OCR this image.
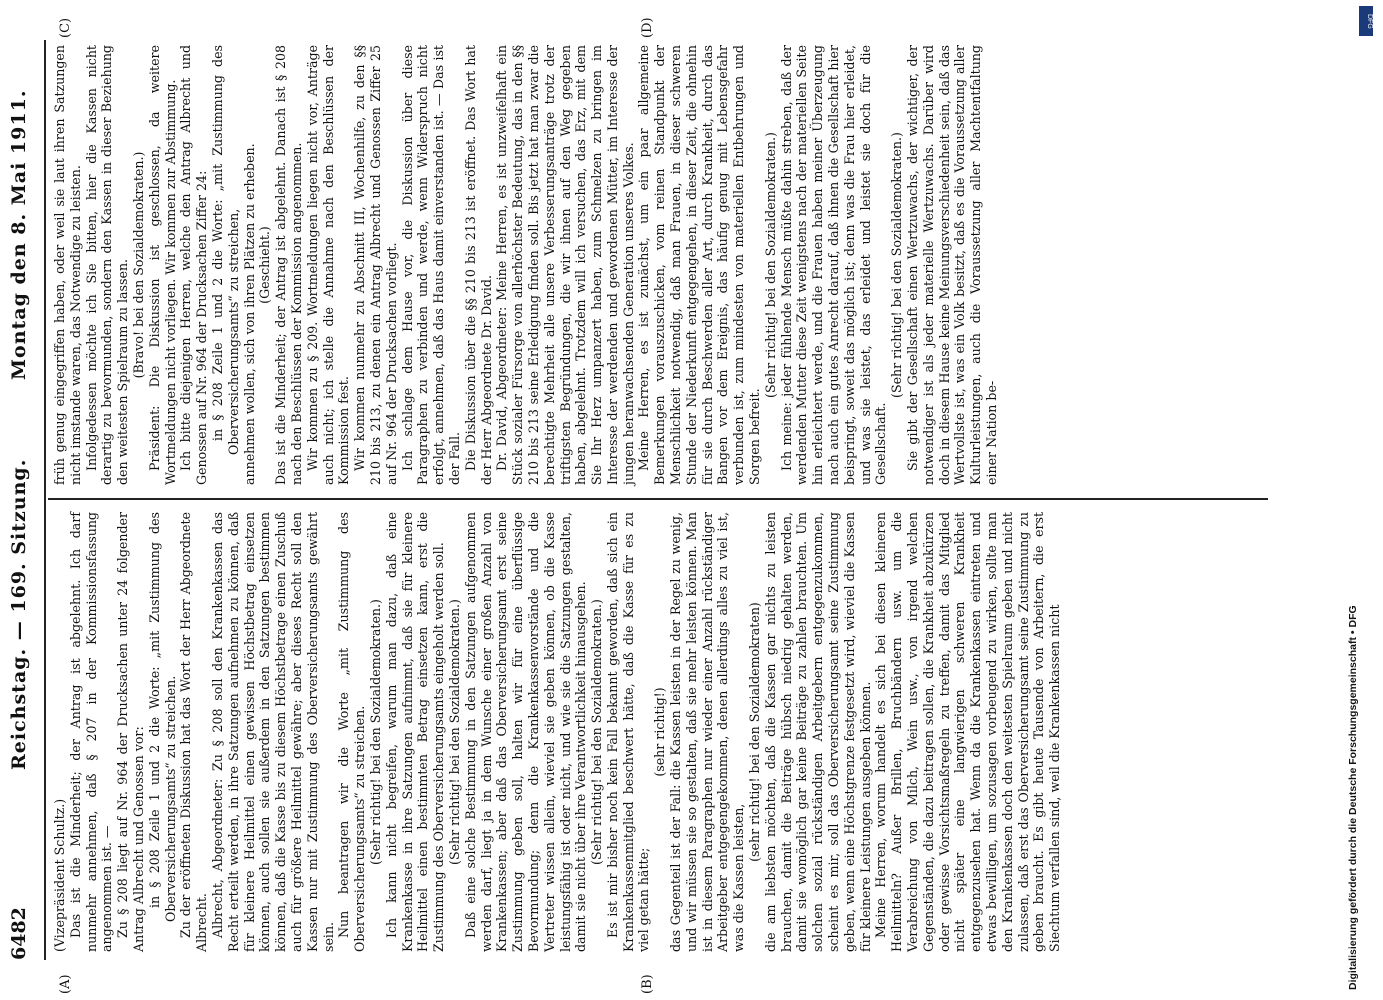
6482
Reichstag. — 169. Sitzung.
Montag den 8. Mai 1911.
(A)	(B)
(C)	(D)

(Vizepräsident Schultz.) Das ist die Minderheit; der Antrag ist abgelehnt. Ich darf nunmehr annehmen, daß § 207 in der Kommissionsfassung angenommen ist. — Zu § 208 liegt auf Nr. 964 der Drucksachen unter 24 folgender Antrag Albrecht und Genossen vor: in § 208 Zeile 1 und 2 die Worte: „mit Zustimmung des Oberversicherungsamts“ zu streichen. Zu der eröffneten Diskussion hat das Wort der Herr Abgeordnete Albrecht. Albrecht, Abgeordneter: Zu § 208 soll den Krankenkassen das Recht erteilt werden, in ihre Satzungen aufnehmen zu können, daß für kleinere Heilmittel einen gewissen Höchstbetrag einsetzen können, auch sollen sie außerdem in den Satzungen bestimmen können, daß die Kasse bis zu diesem Höchstbetrage einen Zuschuß auch für größere Heilmittel gewähre; aber dieses Recht soll den Kassen nur mit Zustimmung des Oberversicherungsamts gewährt sein. Nun beantragen wir die Worte „mit Zustimmung des Oberversicherungsamts“ zu streichen. (Sehr richtig! bei den Sozialdemokraten.) Ich kann nicht begreifen, warum man dazu, daß eine Krankenkasse in ihre Satzungen aufnimmt, daß sie für kleinere Heilmittel einen bestimmten Betrag einsetzen kann, erst die Zustimmung des Oberversicherungsamts eingeholt werden soll. (Sehr richtig! bei den Sozialdemokraten.) Daß eine solche Bestimmung in den Satzungen aufgenommen werden darf, liegt ja in dem Wunsche einer großen Anzahl von Krankenkassen; aber daß das Oberversicherungsamt erst seine Zustimmung geben soll, halten wir für eine überflüssige Bevormundung; denn die Krankenkassenvorstände und die Vertreter wissen allein, wieviel sie geben können, ob die Kasse leistungsfähig ist oder nicht, und wie sie die Satzungen gestalten, damit sie nicht über ihre Verantwortlichkeit hinausgehen. (Sehr richtig! bei den Sozialdemokraten.) Es ist mir bisher noch kein Fall bekannt geworden, daß sich ein Krankenkassenmitglied beschwert hätte, daß die Kasse für es zu viel getan hätte;

(sehr richtig!) das Gegenteil ist der Fall: die Kassen leisten in der Regel zu wenig, und wir müssen sie so gestalten, daß sie mehr leisten können. Man ist in diesem Paragraphen nur wieder einer Anzahl rückständiger Arbeitgeber entgegengekommen, denen allerdings alles zu viel ist, was die Kassen leisten,

(sehr richtig! bei den Sozialdemokraten) die am liebsten möchten, daß die Kassen gar nichts zu leisten brauchen, damit die Beiträge hübsch niedrig gehalten werden, damit sie womöglich gar keine Beiträge zu zahlen brauchten. Um solchen sozial rückständigen Arbeitgebern entgegenzukommen, scheint es mir, soll das Oberversicherungsamt seine Zustimmung geben, wenn eine Höchstgrenze festgesetzt wird, wieviel die Kassen für kleinere Leistungen ausgeben können. Meine Herren, worum handelt es sich bei diesen kleineren Heilmitteln? Außer Brillen, Bruchbändern usw. um die Verabreichung von Milch, Wein usw., von irgend welchen Gegenständen, die dazu beitragen sollen, die Krankheit abzukürzen oder gewisse Vorsichtsmaßregeln zu treffen, damit das Mitglied nicht später eine langwierigen schweren Krankheit entgegenzusehen hat. Wenn da die Krankenkassen eintreten und etwas bewilligen, um sozusagen vorbeugend zu wirken, sollte man den Krankenkassen doch den weitesten Spielraum geben und nicht zulassen, daß erst das Oberversicherungsamt seine Zustimmung zu geben braucht. Es gibt heute Tausende von Arbeitern, die erst Siechtum verfallen sind, weil die Krankenkassen nicht

früh genug eingegriffen haben, oder weil sie laut ihren Satzungen nicht imstande waren, das Notwendige zu leisten. Infolgedessen möchte ich Sie bitten, hier die Kassen nicht derartig zu bevormunden, sondern den Kassen in dieser Beziehung den weitesten Spielraum zu lassen. (Bravo! bei den Sozialdemokraten.) Präsident: Die Diskussion ist geschlossen, da weitere Wortmeldungen nicht vorliegen. Wir kommen zur Abstimmung. Ich bitte diejenigen Herren, welche den Antrag Albrecht und Genossen auf Nr. 964 der Drucksachen Ziffer 24: in § 208 Zeile 1 und 2 die Worte: „mit Zustimmung des Oberversicherungsamts“ zu streichen, annehmen wollen, sich von ihren Plätzen zu erheben. (Geschieht.) Das ist die Minderheit; der Antrag ist abgelehnt. Danach ist § 208 nach den Beschlüssen der Kommission angenommen. Wir kommen zu § 209. Wortmeldungen liegen nicht vor, Anträge auch nicht; ich stelle die Annahme nach den Beschlüssen der Kommission fest. Wir kommen nunmehr zu Abschnitt III, Wochenhilfe, zu den §§ 210 bis 213, zu denen ein Antrag Albrecht und Genossen Ziffer 25 auf Nr. 964 der Drucksachen vorliegt. Ich schlage dem Hause vor, die Diskussion über diese Paragraphen zu verbinden und werde, wenn Widerspruch nicht erfolgt, annehmen, daß das Haus damit einverstanden ist. — Das ist der Fall. Die Diskussion über die §§ 210 bis 213 ist eröffnet. Das Wort hat der Herr Abgeordnete Dr. David. Dr. David, Abgeordneter: Meine Herren, es ist unzweifelhaft ein Stück sozialer Fürsorge von allerhöchster Bedeutung, das in den §§ 210 bis 213 seine Erledigung finden soll. Bis jetzt hat man zwar die berechtigte Mehrheit alle unsere Verbesserungsanträge trotz der triftigsten Begründungen, die wir ihnen auf den Weg gegeben haben, abgelehnt. Trotzdem will ich versuchen, das Erz, mit dem Sie Ihr Herz umpanzert haben, zum Schmelzen zu bringen im Interesse der werdenden und gewordenen Mütter, im Interesse der jungen heranwachsenden Generation unseres Volkes. Meine Herren, es ist zunächst, um ein paar allgemeine Bemerkungen vorauszuschicken, vom reinen Standpunkt der Menschlichkeit notwendig, daß man Frauen, in dieser schweren Stunde der Niederkunft entgegengehen, in dieser Zeit, die ohnehin für sie durch Beschwerden aller Art, durch Krankheit, durch das Bangen vor dem Ereignis, das häufig genug mit Lebensgefahr verbunden ist, zum mindesten von materiellen Entbehrungen und Sorgen befreit.

(Sehr richtig! bei den Sozialdemokraten.) Ich meine: jeder fühlende Mensch müßte dahin streben, daß der werdenden Mutter diese Zeit wenigstens nach der materiellen Seite hin erleichtert werde, und die Frauen haben meiner Überzeugung nach auch ein gutes Anrecht darauf, daß ihnen die Gesellschaft hier beispringt, soweit das möglich ist; denn was die Frau hier erleidet, und was sie leistet, das erleidet und leistet sie doch für die Gesellschaft.

(Sehr richtig! bei den Sozialdemokraten.) Sie gibt der Gesellschaft einen Wertzuwachs, der wichtiger, der notwendiger ist als jeder materielle Wertzuwachs. Darüber wird doch in diesem Hause keine Meinungsverschiedenheit sein, daß das Wertvollste ist, was ein Volk besitzt, daß es die Voraussetzung aller Kulturleistungen, auch die Voraussetzung aller Machtentfaltung einer Nation be-

Digitalisierung gefördert durch die Deutsche Forschungsgemeinschaft • DFG
DFG
